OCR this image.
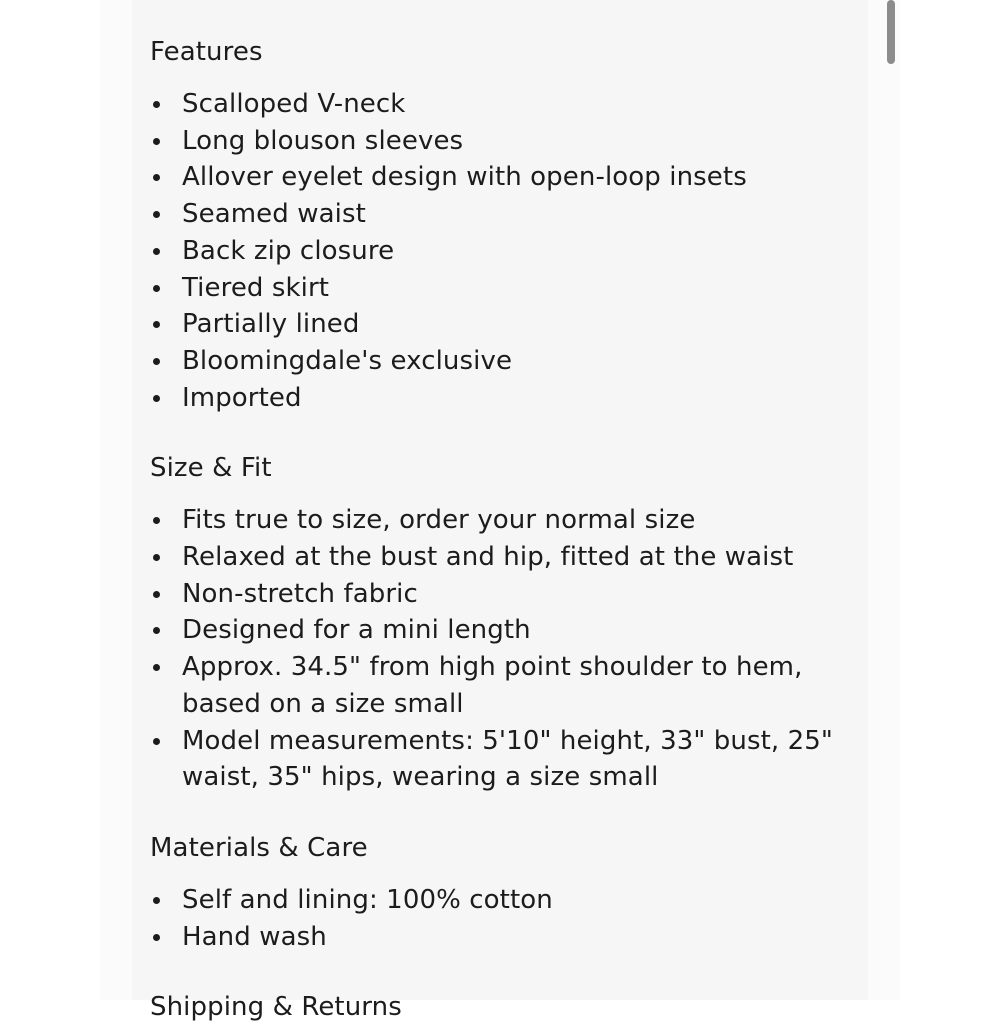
Features
Scalloped V-neck
Long blouson sleeves
Allover eyelet design with open-loop insets
Seamed waist
Back zip closure
Tiered skirt
Partially lined
Bloomingdale's exclusive
Imported
Size & Fit
Fits true to size, order your normal size
Relaxed at the bust and hip, fitted at the waist
Non-stretch fabric
Designed for a mini length
Approx. 34.5" from high point shoulder to hem, based on a size small
Model measurements: 5'10" height, 33" bust, 25" waist, 35" hips, wearing a size small
Materials & Care
Self and lining: 100% cotton
Hand wash
Shipping & Returns
